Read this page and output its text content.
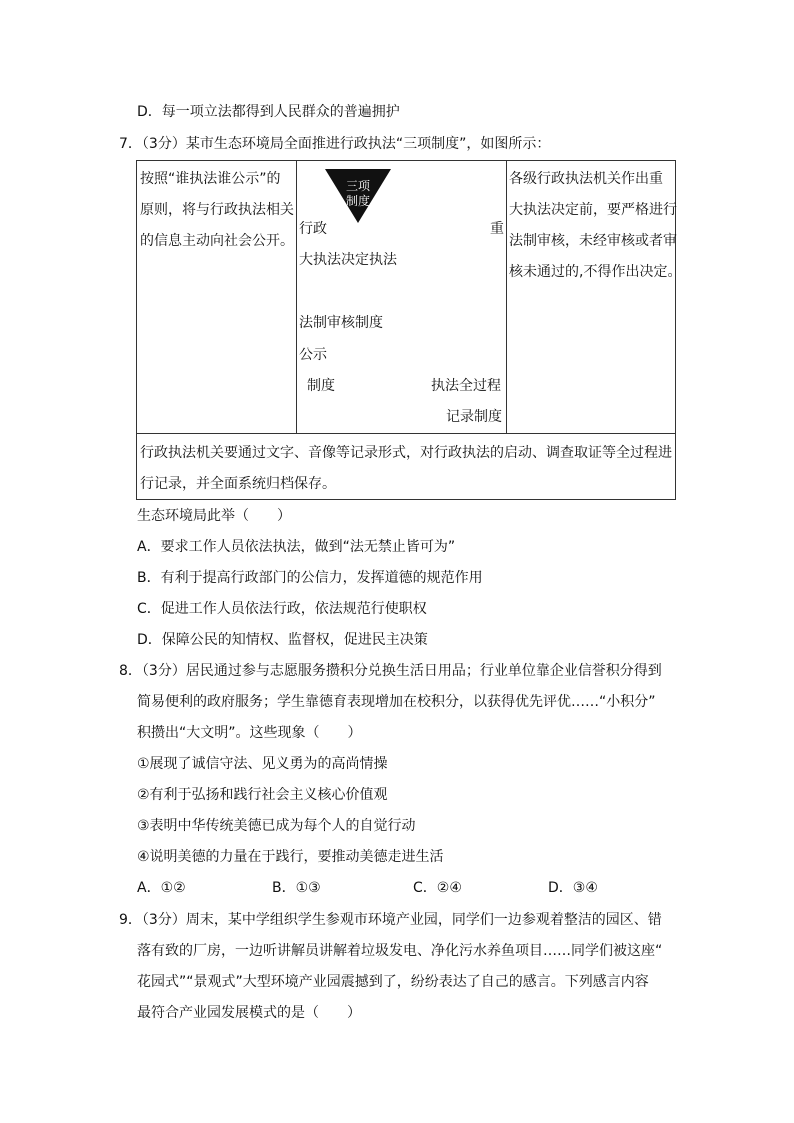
D．每一项立法都得到人民群众的普遍拥护
7．（3分）某市生态环境局全面推进行政执法“三项制度”，如图所示：
按照“谁执法谁公示”的
原则，将与行政执法相关
的信息主动向社会公开。
三项
制度
行政	重
大执法决定执法
法制审核制度
公示
制度	执法全过程
记录制度
各级行政执法机关作出重
大执法决定前，要严格进行
法制审核，未经审核或者审
核未通过的,不得作出决定。
行政执法机关要通过文字、音像等记录形式，对行政执法的启动、调查取证等全过程进
行记录，并全面系统归档保存。
生态环境局此举（　　）
A．要求工作人员依法执法，做到“法无禁止皆可为”
B．有利于提高行政部门的公信力，发挥道德的规范作用
C．促进工作人员依法行政，依法规范行使职权
D．保障公民的知情权、监督权，促进民主决策
8．（3分）居民通过参与志愿服务攒积分兑换生活日用品；行业单位靠企业信誉积分得到
简易便利的政府服务；学生靠德育表现增加在校积分，以获得优先评优……“小积分”
积攒出“大文明”。这些现象（　　）
①展现了诚信守法、见义勇为的高尚情操
②有利于弘扬和践行社会主义核心价值观
③表明中华传统美德已成为每个人的自觉行动
④说明美德的力量在于践行，要推动美德走进生活
A．①②	B．①③	C．②④	D．③④
9．（3分）周末，某中学组织学生参观市环境产业园，同学们一边参观着整洁的园区、错
落有致的厂房，一边听讲解员讲解着垃圾发电、净化污水养鱼项目……同学们被这座“
花园式”“景观式”大型环境产业园震撼到了，纷纷表达了自己的感言。下列感言内容
最符合产业园发展模式的是（　　）
